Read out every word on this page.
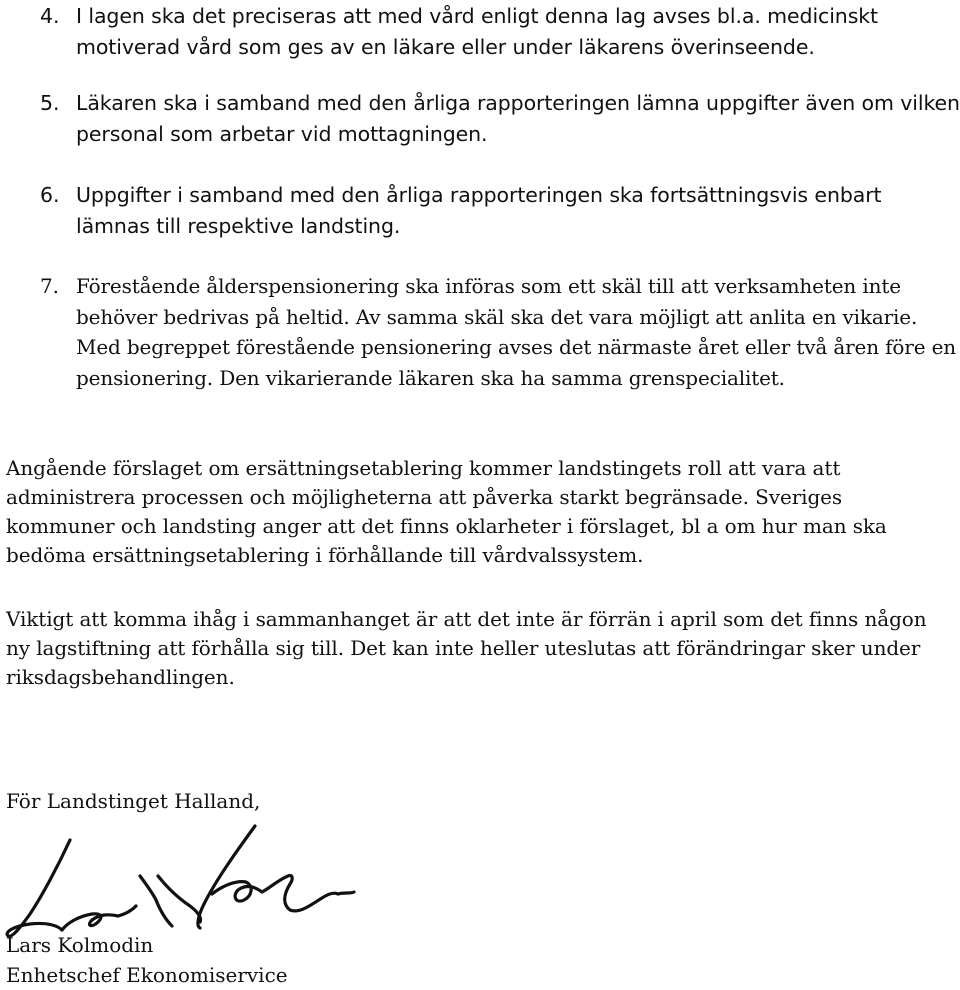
4. I lagen ska det preciseras att med vård enligt denna lag avses bl.a. medicinskt motiverad vård som ges av en läkare eller under läkarens överinseende.
5. Läkaren ska i samband med den årliga rapporteringen lämna uppgifter även om vilken personal som arbetar vid mottagningen.
6. Uppgifter i samband med den årliga rapporteringen ska fortsättningsvis enbart lämnas till respektive landsting.
7. Förestående ålderspensionering ska införas som ett skäl till att verksamheten inte behöver bedrivas på heltid. Av samma skäl ska det vara möjligt att anlita en vikarie. Med begreppet förestående pensionering avses det närmaste året eller två åren före en pensionering. Den vikarierande läkaren ska ha samma grenspecialitet.

Angående förslaget om ersättningsetablering kommer landstingets roll att vara att administrera processen och möjligheterna att påverka starkt begränsade. Sveriges kommuner och landsting anger att det finns oklarheter i förslaget, bl a om hur man ska bedöma ersättningsetablering i förhållande till vårdvalssystem.

Viktigt att komma ihåg i sammanhanget är att det inte är förrän i april som det finns någon ny lagstiftning att förhålla sig till. Det kan inte heller uteslutas att förändringar sker under riksdagsbehandlingen.

För Landstinget Halland,
Lars Kolmodin
Enhetschef Ekonomiservice
